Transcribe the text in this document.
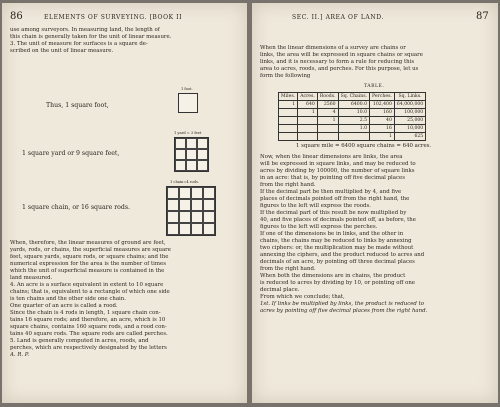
86	ELEMENTS OF SURVEYING. [BOOK II
use among surveyors. In measuring land, the length of
this chain is generally taken for the unit of linear measure.
3. The unit of measure for surfaces is a square de-
scribed on the unit of linear measure.
1 foot.
Thus, 1 square foot,
1 yard = 3 feet
1 square yard or 9 square feet,
1 chain=4 rods.
1 square chain, or 16 square rods.
When, therefore, the linear measures of ground are feet,
yards, rods, or chains, the superficial measures are square
feet, square yards, square rods, or square chains; and the
numerical expression for the area is the number of times
which the unit of superficial measure is contained in the
land measured.
4. An acre is a surface equivalent in extent to 10 square
chains; that is, equivalent to a rectangle of which one side
is ten chains and the other side one chain.
One quarter of an acre is called a rood.
Since the chain is 4 rods in length, 1 square chain con-
tains 16 square rods; and therefore, an acre, which is 10
square chains, contains 160 square rods, and a rood con-
tains 40 square rods. The square rods are called perches.
5. Land is generally computed in acres, roods, and
perches, which are respectively designated by the letters
A. R. P.
SEC. II.] AREA OF LAND.	87
When the linear dimensions of a survey are chains or
links, the area will be expressed in square chains or square
links, and it is necessary to form a rule for reducing this
area to acres, roods, and perches. For this purpose, let us
form the following
TABLE.
Miles.	Acres.	Roods.	Sq. Chains.	Perches.	Sq. Links.
1	640	2560	6400.0	102,400	64,000,000
	1	4	10.0	160	100,000
		1	2.5	40	25,000
			1.0	16	10,000
				1	625
1 square mile = 6400 square chains = 640 acres.
Now, when the linear dimensions are links, the area
will be expressed in square links, and may be reduced to
acres by dividing by 100000, the number of square links
in an acre: that is, by pointing off five decimal places
from the right hand.
If the decimal part be then multiplied by 4, and five
places of decimals pointed off from the right hand, the
figures to the left will express the roods.
If the decimal part of this result be now multiplied by
40, and five places of decimals pointed off, as before, the
figures to the left will express the perches.
If one of the dimensions be in links, and the other in
chains, the chains may be reduced to links by annexing
two ciphers: or, the multiplication may be made without
annexing the ciphers, and the product reduced to acres and
decimals of an acre, by pointing off three decimal places
from the right hand.
When both the dimensions are in chains, the product
is reduced to acres by dividing by 10, or pointing off one
decimal place.
From which we conclude; that,
1st. If links be multiplied by links, the product is reduced to
acres by pointing off five decimal places from the right hand.
